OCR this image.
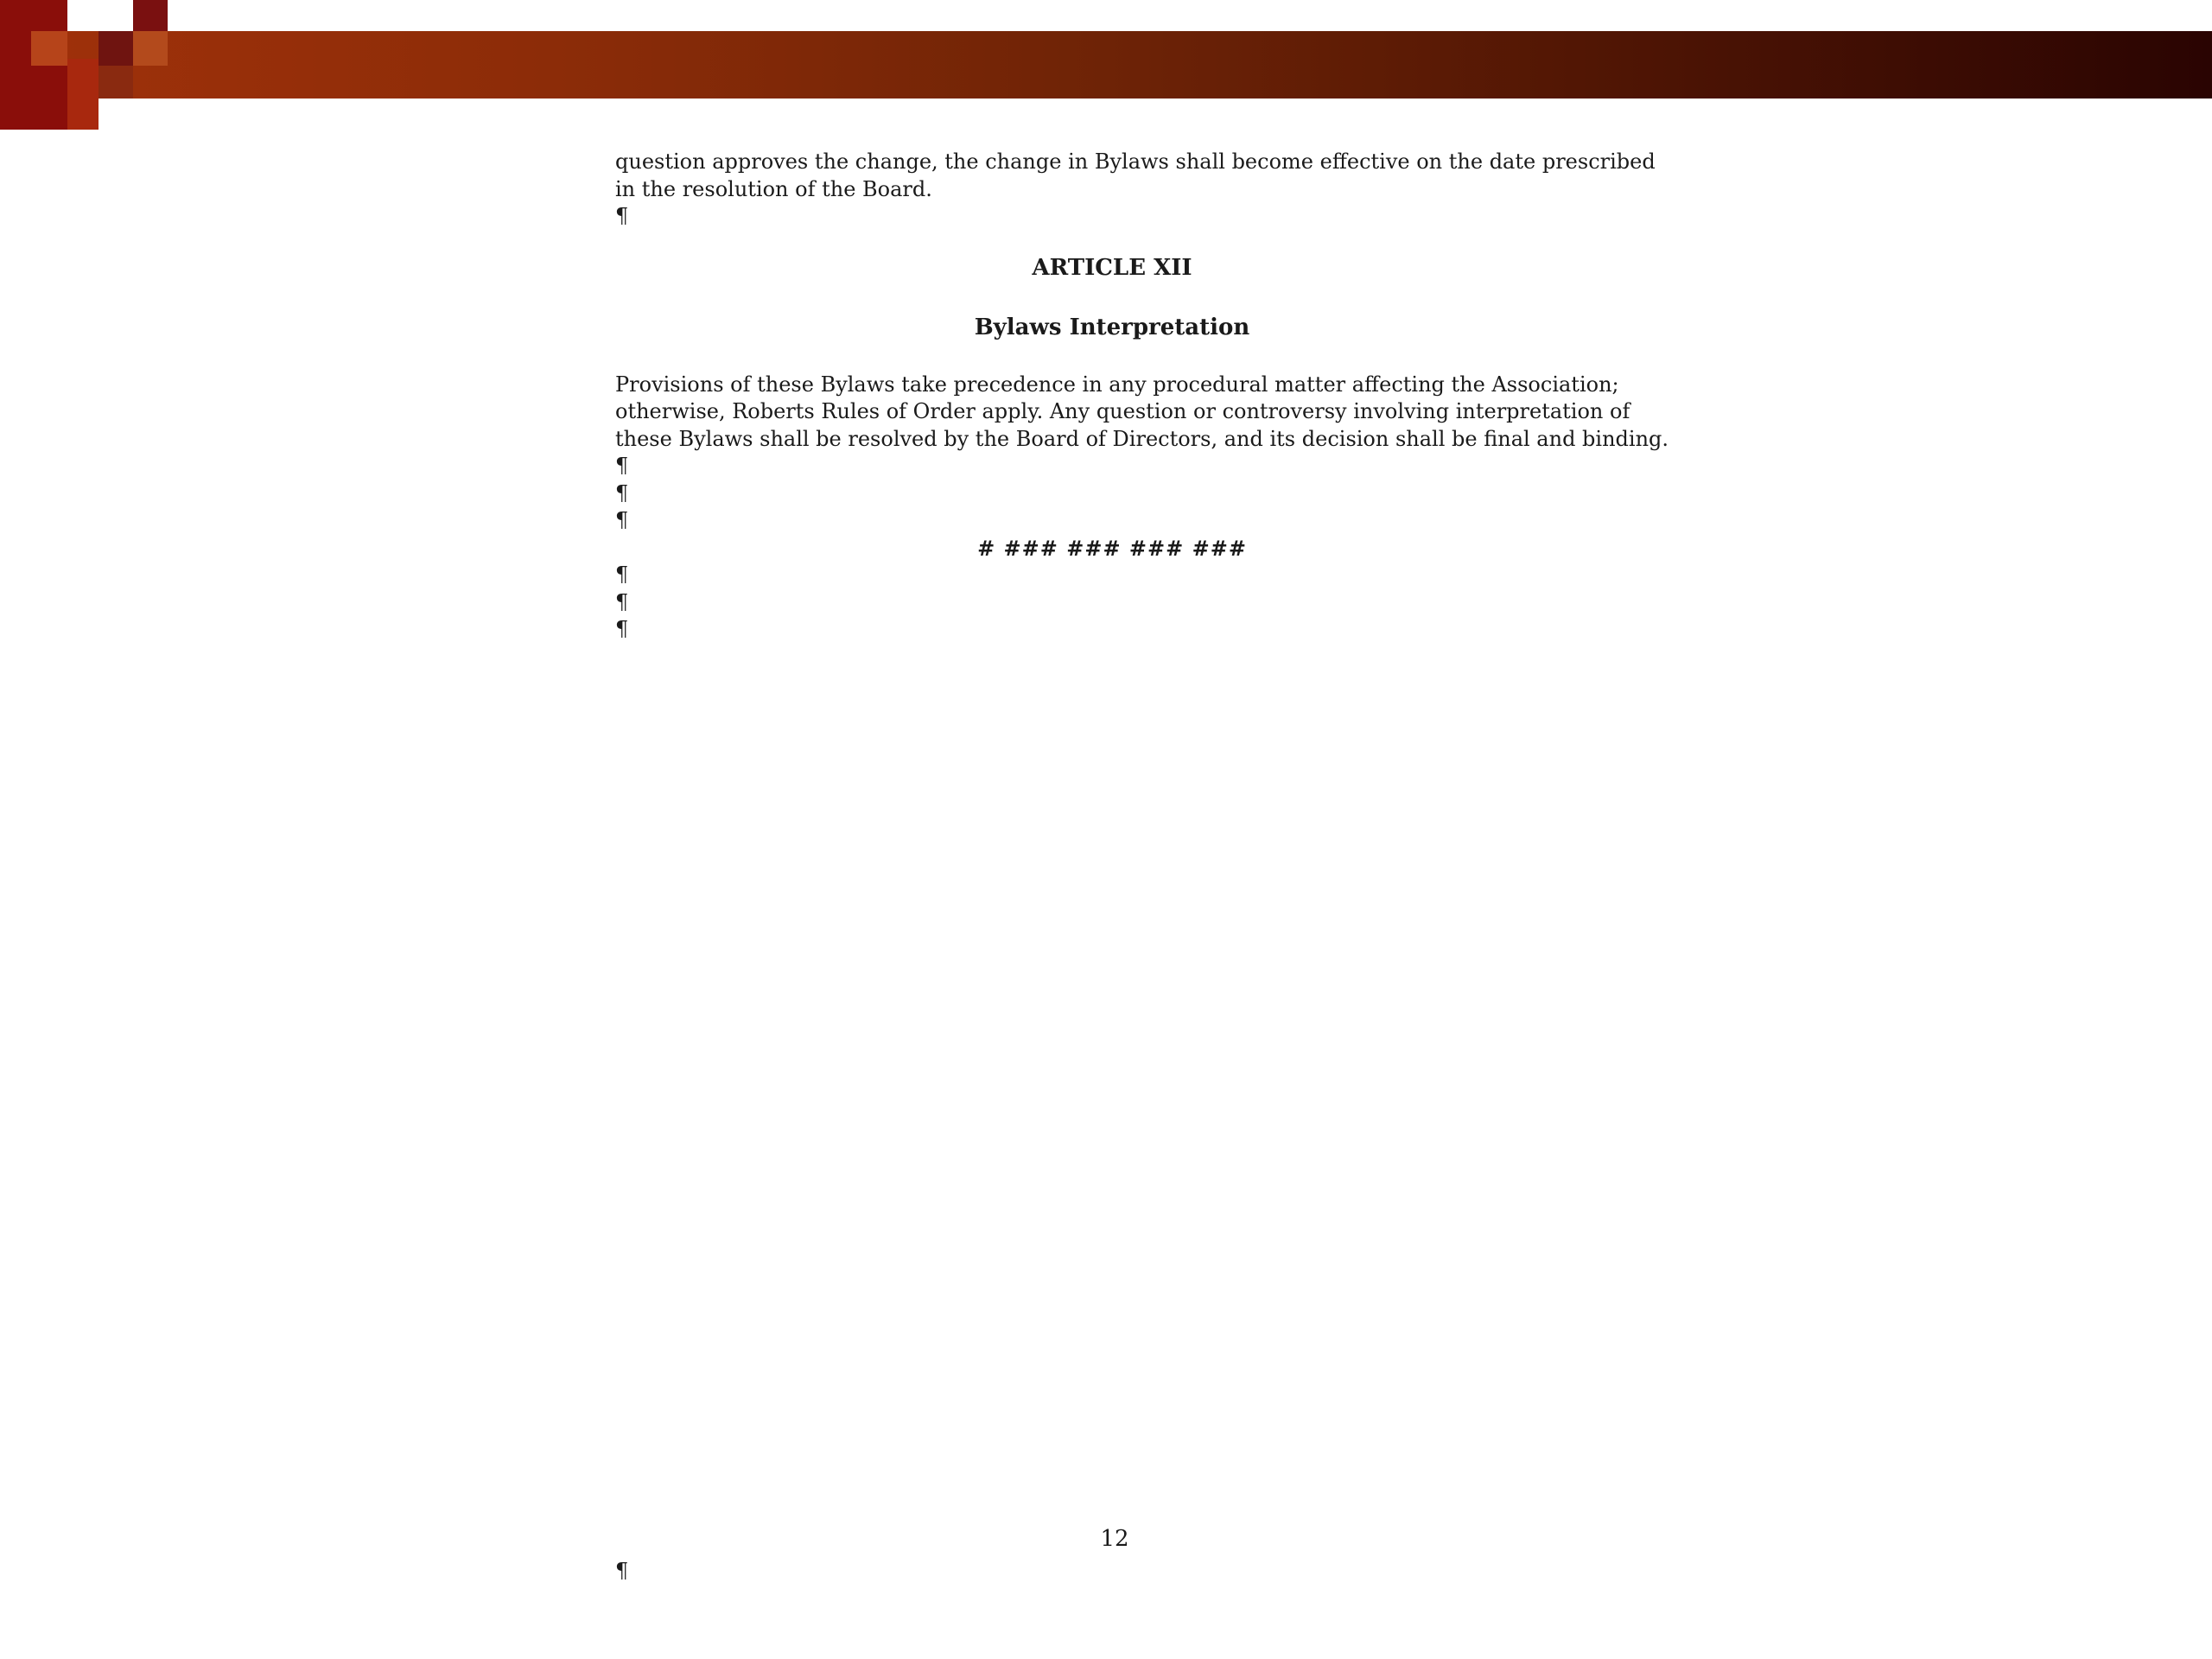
question approves the change, the change in Bylaws shall become effective on the date prescribed
in the resolution of the Board.
¶

ARTICLE XII

Bylaws Interpretation

Provisions of these Bylaws take precedence in any procedural matter affecting the Association;
otherwise, Roberts Rules of Order apply. Any question or controversy involving interpretation of
these Bylaws shall be resolved by the Board of Directors, and its decision shall be final and binding.
¶
¶
¶
# ### ### ### ###
¶
¶
¶
12
¶
